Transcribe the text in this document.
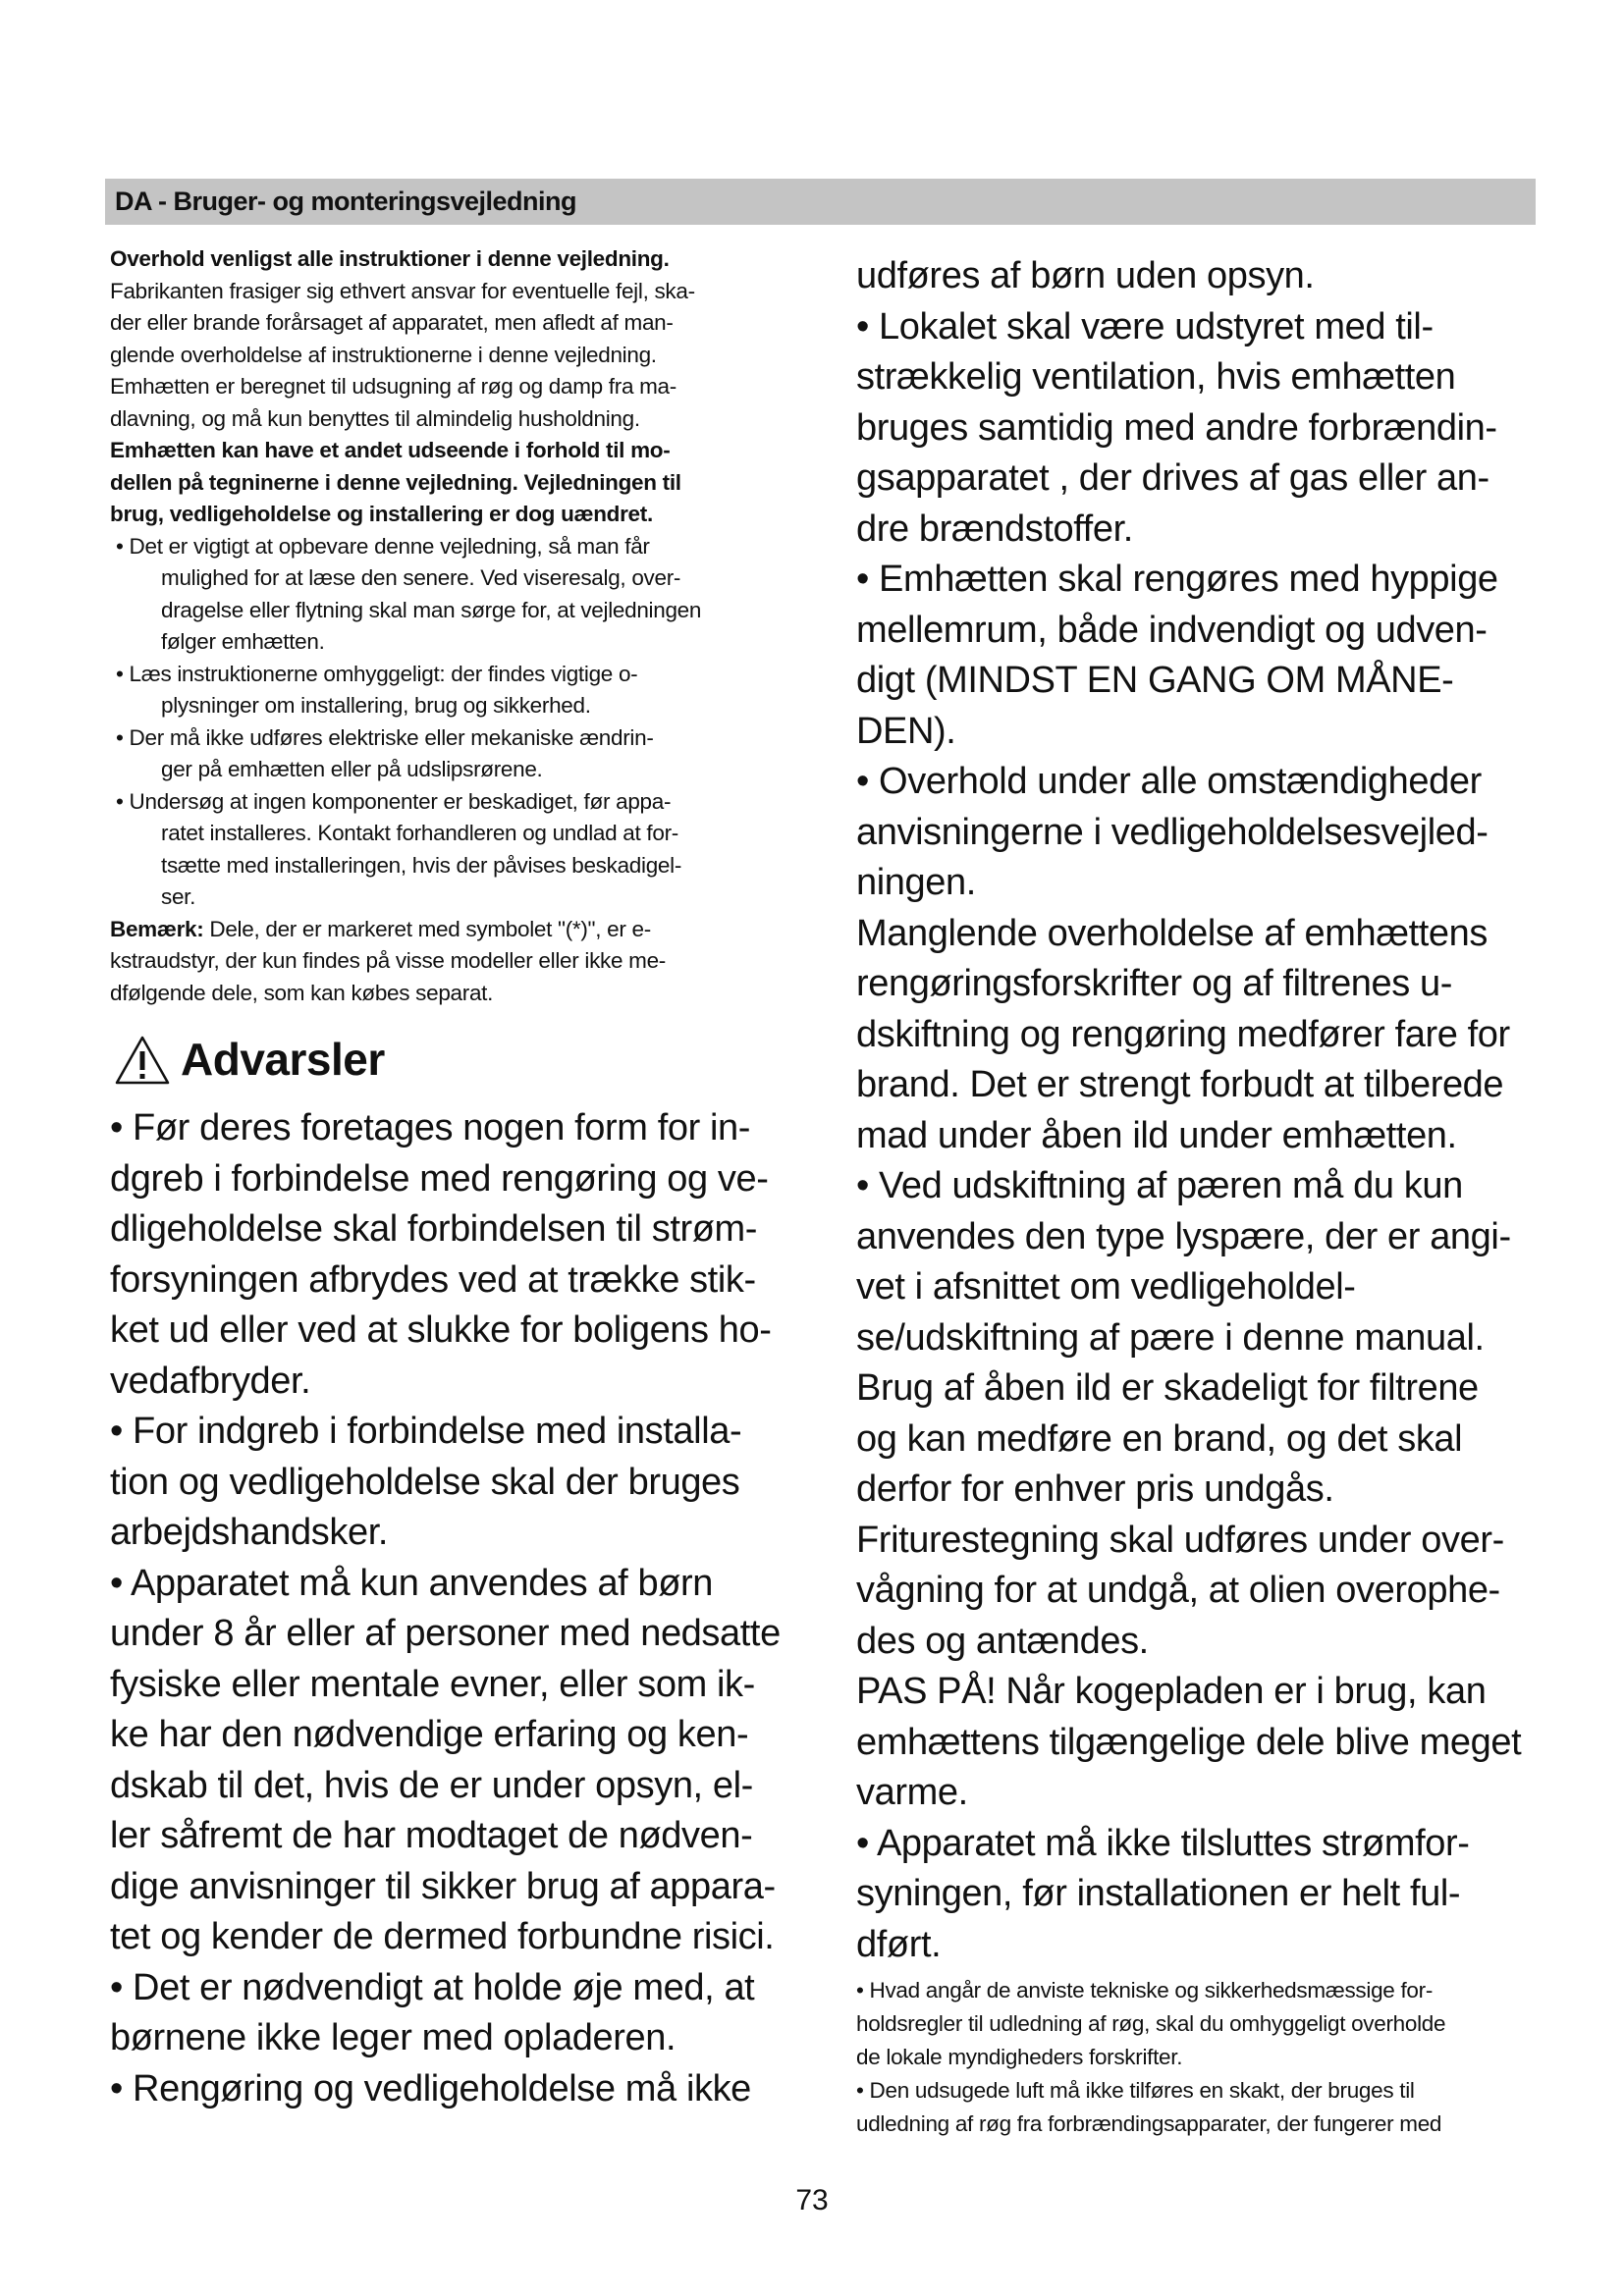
DA - Bruger- og monteringsvejledning
Overhold venligst alle instruktioner i denne vejledning.
Fabrikanten frasiger sig ethvert ansvar for eventuelle fejl, ska-
der eller brande forårsaget af apparatet, men afledt af man-
glende overholdelse af instruktionerne i denne vejledning.
Emhætten er beregnet til udsugning af røg og damp fra ma-
dlavning, og må kun benyttes til almindelig husholdning.
Emhætten kan have et andet udseende i forhold til mo-
dellen på tegninerne i denne vejledning. Vejledningen til
brug, vedligeholdelse og installering er dog uændret.
• Det er vigtigt at opbevare denne vejledning, så man får
mulighed for at læse den senere. Ved viseresalg, over-
dragelse eller flytning skal man sørge for, at vejledningen
følger emhætten.
• Læs instruktionerne omhyggeligt: der findes vigtige o-
plysninger om installering, brug og sikkerhed.
• Der må ikke udføres elektriske eller mekaniske ændrin-
ger på emhætten eller på udslipsrørene.
• Undersøg at ingen komponenter er beskadiget, før appa-
ratet installeres. Kontakt forhandleren og undlad at for-
tsætte med installeringen, hvis der påvises beskadigel-
ser.
Bemærk: Dele, der er markeret med symbolet "(*)", er e-
kstraudstyr, der kun findes på visse modeller eller ikke me-
dfølgende dele, som kan købes separat.
Advarsler
• Før deres foretages nogen form for in-
dgreb i forbindelse med rengøring og ve-
dligeholdelse skal forbindelsen til strøm-
forsyningen afbrydes ved at trække stik-
ket ud eller ved at slukke for boligens ho-
vedafbryder.
• For indgreb i forbindelse med installa-
tion og vedligeholdelse skal der bruges
arbejdshandsker.
• Apparatet må kun anvendes af børn
under 8 år eller af personer med nedsatte
fysiske eller mentale evner, eller som ik-
ke har den nødvendige erfaring og ken-
dskab til det, hvis de er under opsyn, el-
ler såfremt de har modtaget de nødven-
dige anvisninger til sikker brug af appara-
tet og kender de dermed forbundne risici.
• Det er nødvendigt at holde øje med, at
børnene ikke leger med opladeren.
• Rengøring og vedligeholdelse må ikke
udføres af børn uden opsyn.
• Lokalet skal være udstyret med til-
strækkelig ventilation, hvis emhætten
bruges samtidig med andre forbrændin-
gsapparatet , der drives af gas eller an-
dre brændstoffer.
• Emhætten skal rengøres med hyppige
mellemrum, både indvendigt og udven-
digt (MINDST EN GANG OM MÅNE-
DEN).
• Overhold under alle omstændigheder
anvisningerne i vedligeholdelsesvejled-
ningen.
Manglende overholdelse af emhættens
rengøringsforskrifter og af filtrenes u-
dskiftning og rengøring medfører fare for
brand. Det er strengt forbudt at tilberede
mad under åben ild under emhætten.
• Ved udskiftning af pæren må du kun
anvendes den type lyspære, der er angi-
vet i afsnittet om vedligeholdel-
se/udskiftning af pære i denne manual.
Brug af åben ild er skadeligt for filtrene
og kan medføre en brand, og det skal
derfor for enhver pris undgås.
Friturestegning skal udføres under over-
vågning for at undgå, at olien overophe-
des og antændes.
PAS PÅ! Når kogepladen er i brug, kan
emhættens tilgængelige dele blive meget
varme.
• Apparatet må ikke tilsluttes strømfor-
syningen, før installationen er helt ful-
dført.
• Hvad angår de anviste tekniske og sikkerhedsmæssige for-
holdsregler til udledning af røg, skal du omhyggeligt overholde
de lokale myndigheders forskrifter.
• Den udsugede luft må ikke tilføres en skakt, der bruges til
udledning af røg fra forbrændingsapparater, der fungerer med
73
